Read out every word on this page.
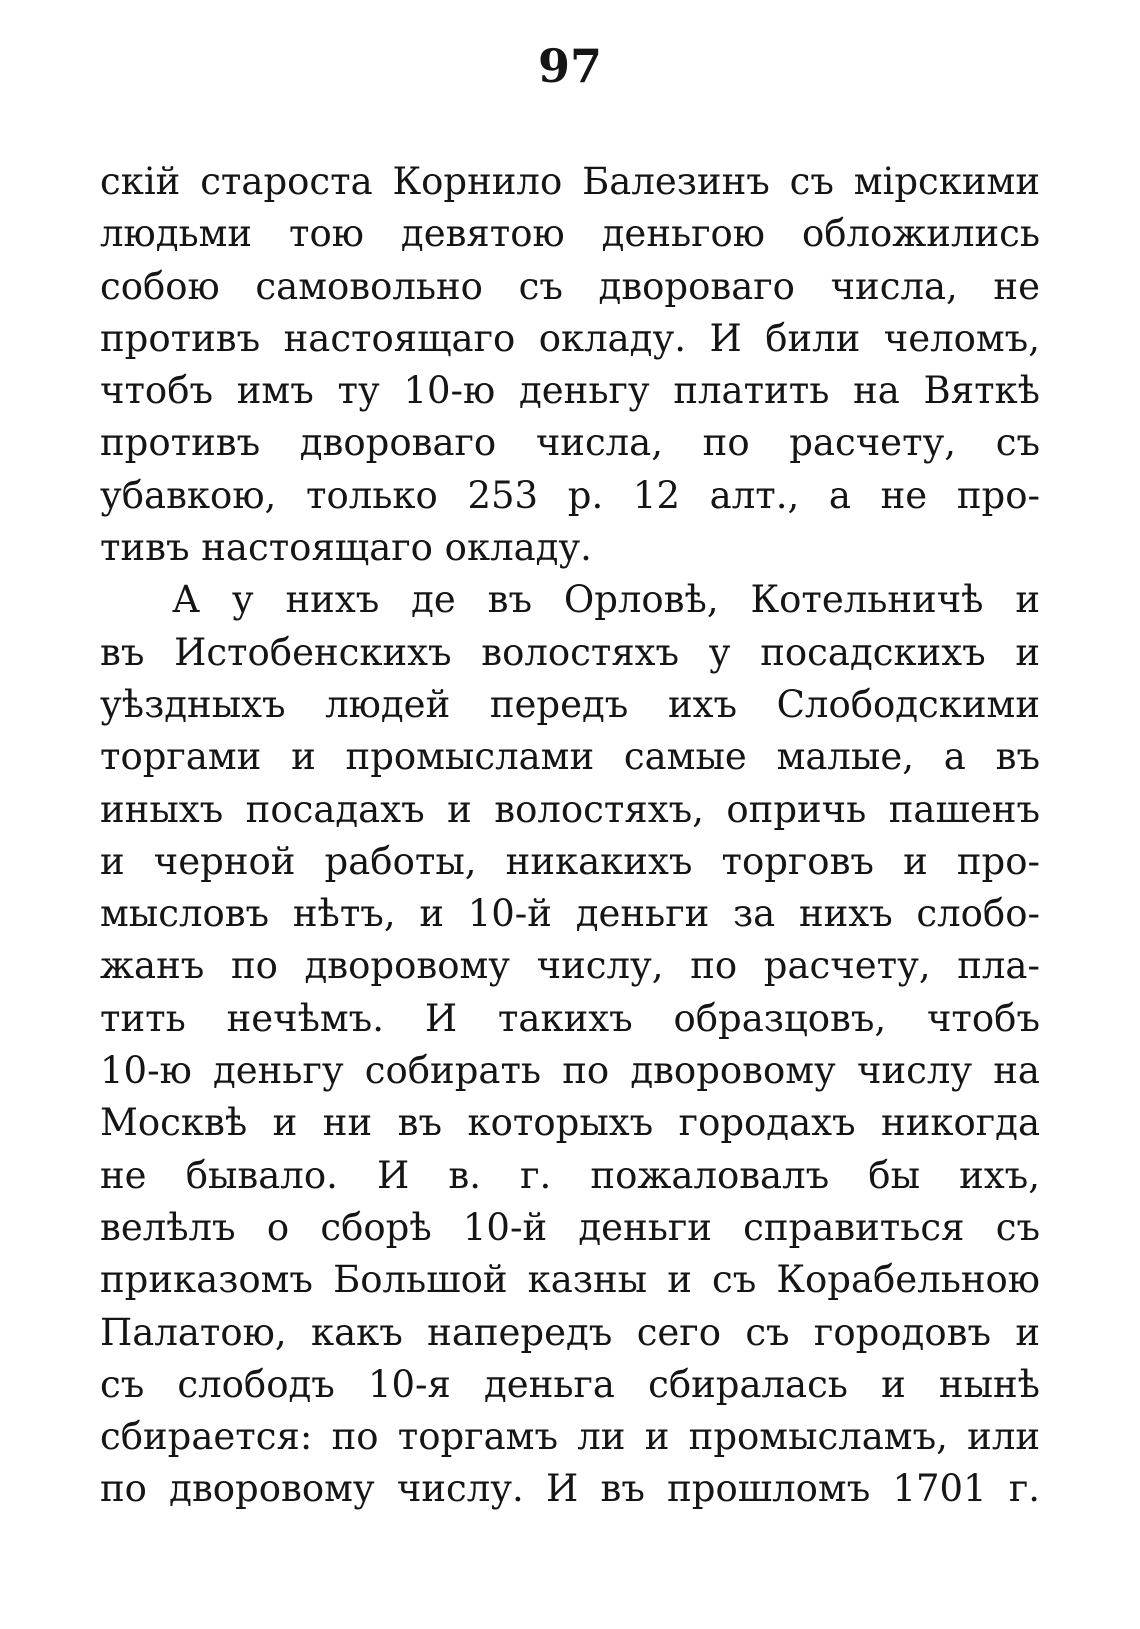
97
скій староста Корнило Балезинъ съ мірскими
людьми тою девятою деньгою обложились
собою самовольно съ двороваго числа, не
противъ настоящаго окладу. И били челомъ,
чтобъ имъ ту 10-ю деньгу платить на Вяткѣ
противъ двороваго числа, по расчету, съ
убавкою, только 253 р. 12 алт., а не про-
тивъ настоящаго окладу.
А у нихъ де въ Орловѣ, Котельничѣ и
въ Истобенскихъ волостяхъ у посадскихъ и
уѣздныхъ людей передъ ихъ Слободскими
торгами и промыслами самые малые, а въ
иныхъ посадахъ и волостяхъ, опричь пашенъ
и черной работы, никакихъ торговъ и про-
мысловъ нѣтъ, и 10-й деньги за нихъ слобо-
жанъ по дворовому числу, по расчету, пла-
тить нечѣмъ. И такихъ образцовъ, чтобъ
10-ю деньгу собирать по дворовому числу на
Москвѣ и ни въ которыхъ городахъ никогда
не бывало. И в. г. пожаловалъ бы ихъ,
велѣлъ о сборѣ 10-й деньги справиться съ
приказомъ Большой казны и съ Корабельною
Палатою, какъ напередъ сего съ городовъ и
съ слободъ 10-я деньга сбиралась и нынѣ
сбирается: по торгамъ ли и промысламъ, или
по дворовому числу. И въ прошломъ 1701 г.
